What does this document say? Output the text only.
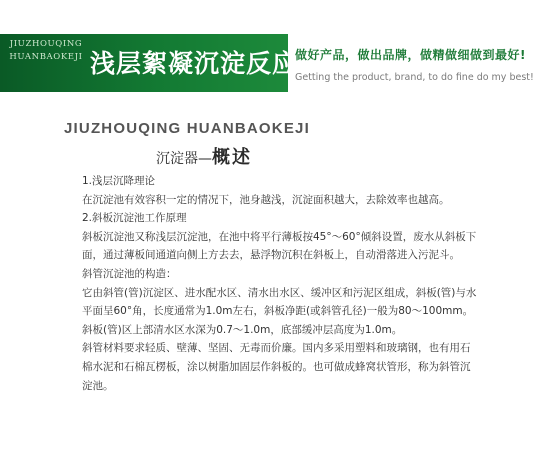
JIUZHOUQING
HUANBAOKEJI 浅层絮凝沉淀反应器
做好产品，做出品牌，做精做细做到最好!
Getting the product, brand, to do fine do my best!
JIUZHOUQING HUANBAOKEJI
沉淀器—概述

1.浅层沉降理论

在沉淀池有效容积一定的情况下，池身越浅，沉淀面积越大，去除效率也越高。

2.斜板沉淀池工作原理

斜板沉淀池又称浅层沉淀池，在池中将平行薄板按45°～60°倾斜设置，废水从斜板下面，通过薄板间通道向侧上方去去，悬浮物沉积在斜板上，自动滑落进入污泥斗。

斜管沉淀池的构造：

它由斜管(管)沉淀区、进水配水区、清水出水区、缓冲区和污泥区组成，斜板(管)与水平面呈60°角，长度通常为1.0m左右，斜板净距(或斜管孔径)一般为80～100mm。

斜板(管)区上部清水区水深为0.7～1.0m，底部缓冲层高度为1.0m。

斜管材料要求轻质、壁薄、坚固、无毒而价廉。国内多采用塑料和玻璃钢，也有用石棉水泥和石棉瓦楞板，涂以树脂加固层作斜板的。也可做成蜂窝状管形，称为斜管沉淀池。
